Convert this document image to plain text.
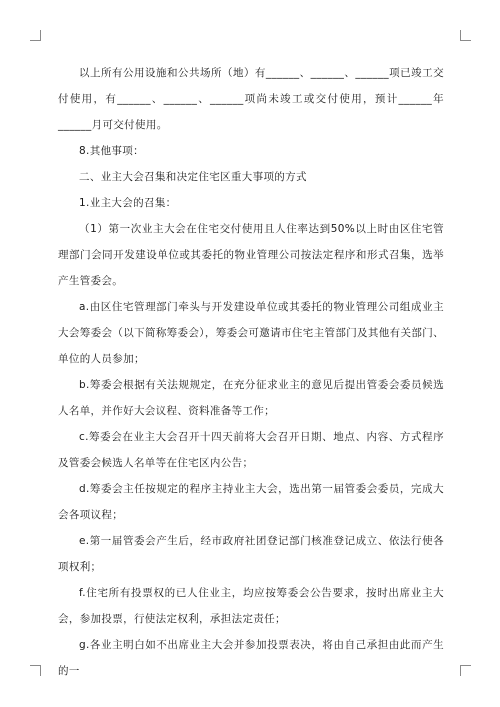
以上所有公用设施和公共场所（地）有______、______、______项已竣工交付使用，有______、______、______项尚未竣工或交付使用，预计______年______月可交付使用。

8.其他事项：

二、业主大会召集和决定住宅区重大事项的方式

1.业主大会的召集：

（1）第一次业主大会在住宅交付使用且人住率达到50%以上时由区住宅管理部门会同开发建设单位或其委托的物业管理公司按法定程序和形式召集，选举产生管委会。

a.由区住宅管理部门牵头与开发建设单位或其委托的物业管理公司组成业主大会筹委会（以下简称筹委会），筹委会可邀请市住宅主管部门及其他有关部门、单位的人员参加；

b.筹委会根据有关法规规定，在充分征求业主的意见后提出管委会委员候选人名单，并作好大会议程、资料准备等工作；

c.筹委会在业主大会召开十四天前将大会召开日期、地点、内容、方式程序及管委会候选人名单等在住宅区内公告；

d.筹委会主任按规定的程序主持业主大会，选出第一届管委会委员，完成大会各项议程；

e.第一届管委会产生后，经市政府社团登记部门核准登记成立、依法行使各项权利；

f.住宅所有投票权的已人住业主，均应按筹委会公告要求，按时出席业主大会，参加投票，行使法定权利，承担法定责任；

g.各业主明白如不出席业主大会并参加投票表决，将由自己承担由此而产生的一
